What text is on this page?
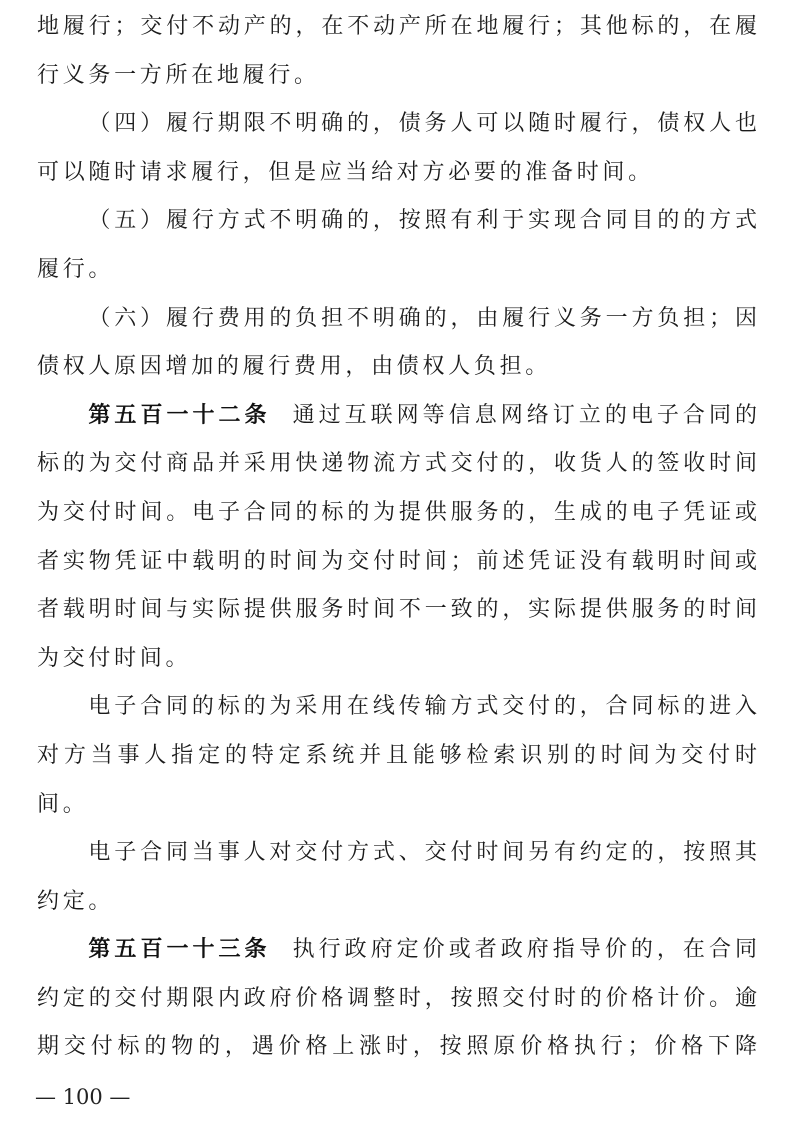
地履行；交付不动产的，在不动产所在地履行；其他标的，在履
行义务一方所在地履行。
（四）履行期限不明确的，债务人可以随时履行，债权人也
可以随时请求履行，但是应当给对方必要的准备时间。
（五）履行方式不明确的，按照有利于实现合同目的的方式
履行。
（六）履行费用的负担不明确的，由履行义务一方负担；因
债权人原因增加的履行费用，由债权人负担。
第五百一十二条 通过互联网等信息网络订立的电子合同的
标的为交付商品并采用快递物流方式交付的，收货人的签收时间
为交付时间。电子合同的标的为提供服务的，生成的电子凭证或
者实物凭证中载明的时间为交付时间；前述凭证没有载明时间或
者载明时间与实际提供服务时间不一致的，实际提供服务的时间
为交付时间。
电子合同的标的为采用在线传输方式交付的，合同标的进入
对方当事人指定的特定系统并且能够检索识别的时间为交付时
间。
电子合同当事人对交付方式、交付时间另有约定的，按照其
约定。
第五百一十三条 执行政府定价或者政府指导价的，在合同
约定的交付期限内政府价格调整时，按照交付时的价格计价。逾
期交付标的物的，遇价格上涨时，按照原价格执行；价格下降
— 100 —
